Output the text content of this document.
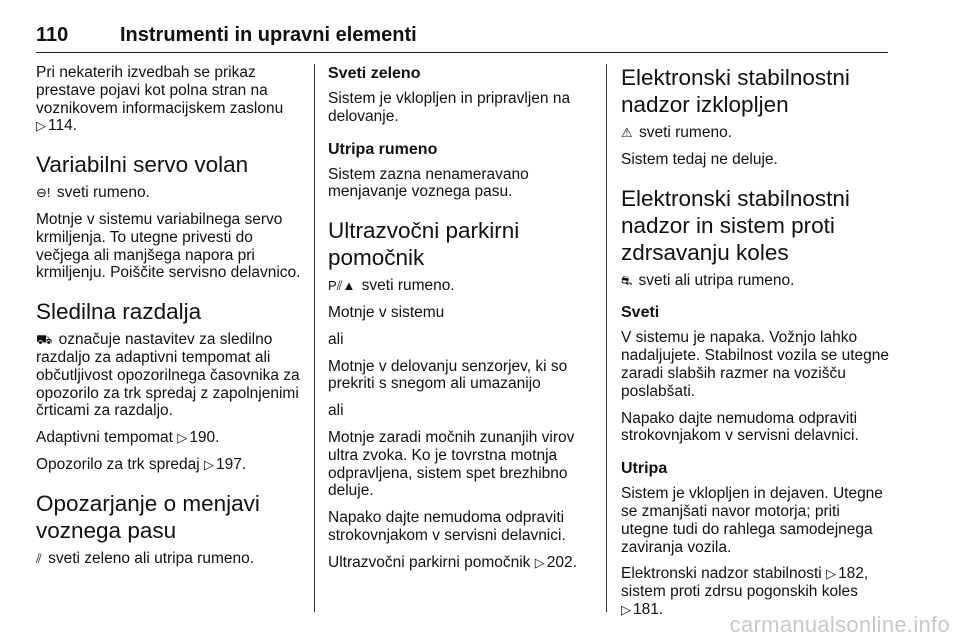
110	Instrumenti in upravni elementi

Pri nekaterih izvedbah se prikaz prestave pojavi kot polna stran na voznikovem informacijskem zaslonu
▷ 114.

Variabilni servo volan

⊖! sveti rumeno.

Motnje v sistemu variabilnega servo krmiljenja. To utegne privesti do večjega ali manjšega napora pri krmiljenju. Poiščite servisno delavnico.

Sledilna razdalja

⛟ označuje nastavitev za sledilno razdaljo za adaptivni tempomat ali občutljivost opozorilnega časovnika za opozorilo za trk spredaj z zapolnjenimi črticami za razdaljo.

Adaptivni tempomat ▷ 190.

Opozorilo za trk spredaj ▷ 197.

Opozarjanje o menjavi voznega pasu

⫽ sveti zeleno ali utripa rumeno.

Sveti zeleno

Sistem je vklopljen in pripravljen na delovanje.

Utripa rumeno

Sistem zazna nenameravano menjavanje voznega pasu.

Ultrazvočni parkirni pomočnik

P⫽▲ sveti rumeno.

Motnje v sistemu

ali

Motnje v delovanju senzorjev, ki so prekriti s snegom ali umazanijo

ali

Motnje zaradi močnih zunanjih virov ultra zvoka. Ko je tovrstna motnja odpravljena, sistem spet brezhibno deluje.

Napako dajte nemudoma odpraviti strokovnjakom v servisni delavnici.

Ultrazvočni parkirni pomočnik ▷ 202.

Elektronski stabilnostni nadzor izklopljen

⚠ sveti rumeno.

Sistem tedaj ne deluje.

Elektronski stabilnostni nadzor in sistem proti zdrsavanju koles

⛐ sveti ali utripa rumeno.

Sveti

V sistemu je napaka. Vožnjo lahko nadaljujete. Stabilnost vozila se utegne zaradi slabših razmer na vozišču poslabšati.

Napako dajte nemudoma odpraviti strokovnjakom v servisni delavnici.

Utripa

Sistem je vklopljen in dejaven. Utegne se zmanjšati navor motorja; priti utegne tudi do rahlega samodejnega zaviranja vozila.

Elektronski nadzor stabilnosti ▷ 182,
sistem proti zdrsu pogonskih koles
▷ 181.

carmanualsonline.info
